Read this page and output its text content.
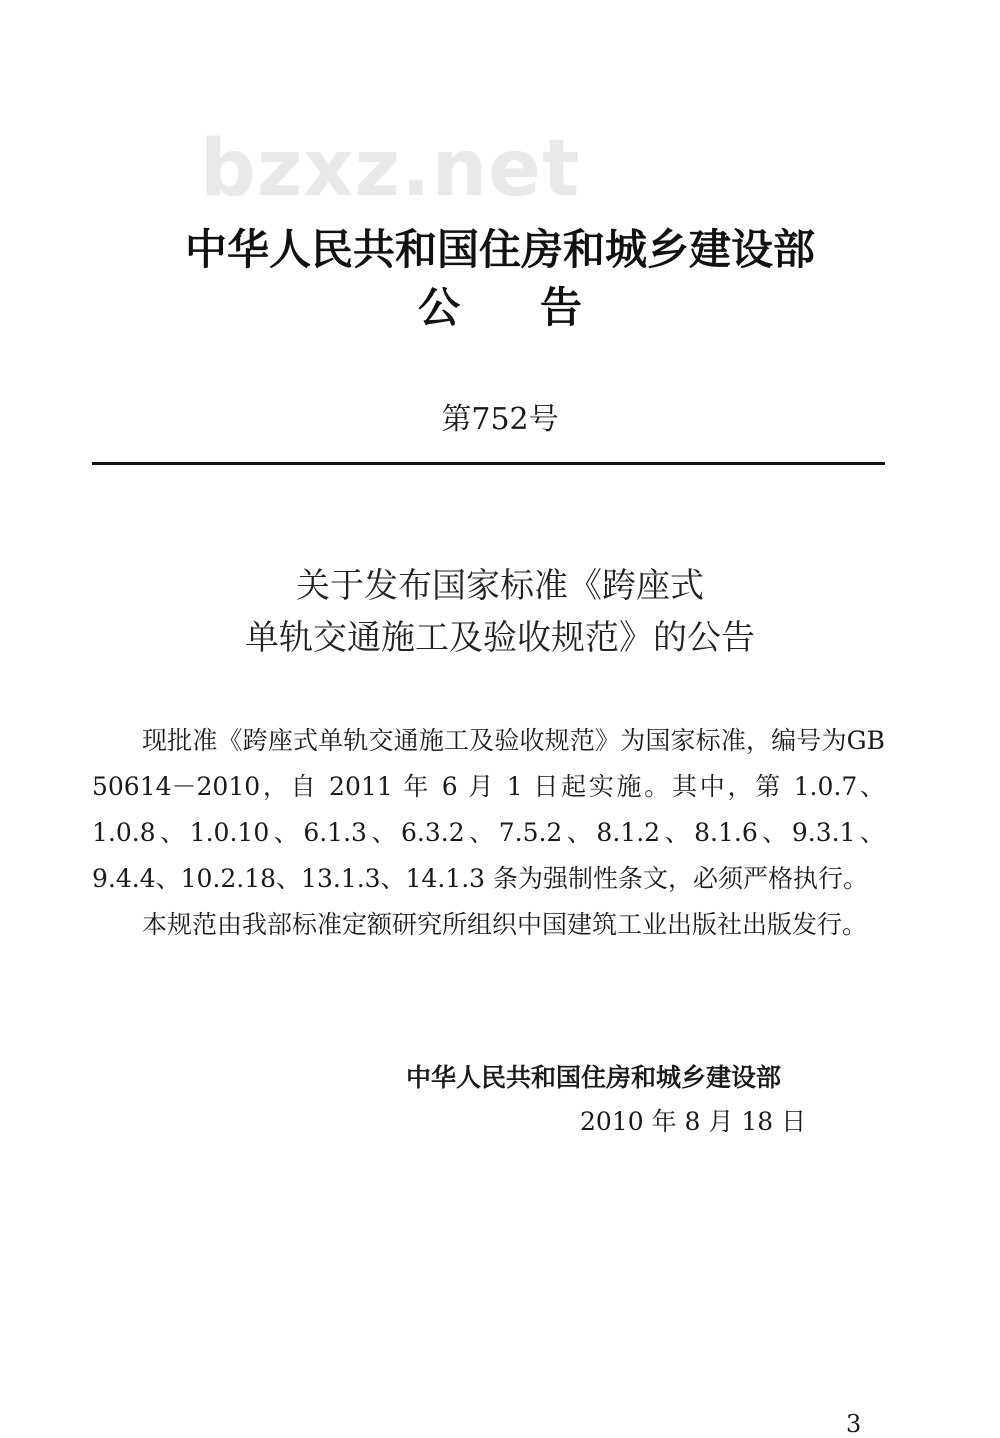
bzxz.net
中华人民共和国住房和城乡建设部
公告
第752号
关于发布国家标准《跨座式
单轨交通施工及验收规范》的公告

现批准《跨座式单轨交通施工及验收规范》为国家标准，编号为GB 50614－2010，自 2011 年 6 月 1 日起实施。其中，第 1.0.7、1.0.8、1.0.10、6.1.3、6.3.2、7.5.2、8.1.2、8.1.6、9.3.1、9.4.4、10.2.18、13.1.3、14.1.3 条为强制性条文，必须严格执行。

本规范由我部标准定额研究所组织中国建筑工业出版社出版发行。

中华人民共和国住房和城乡建设部
2010 年 8 月 18 日
3
